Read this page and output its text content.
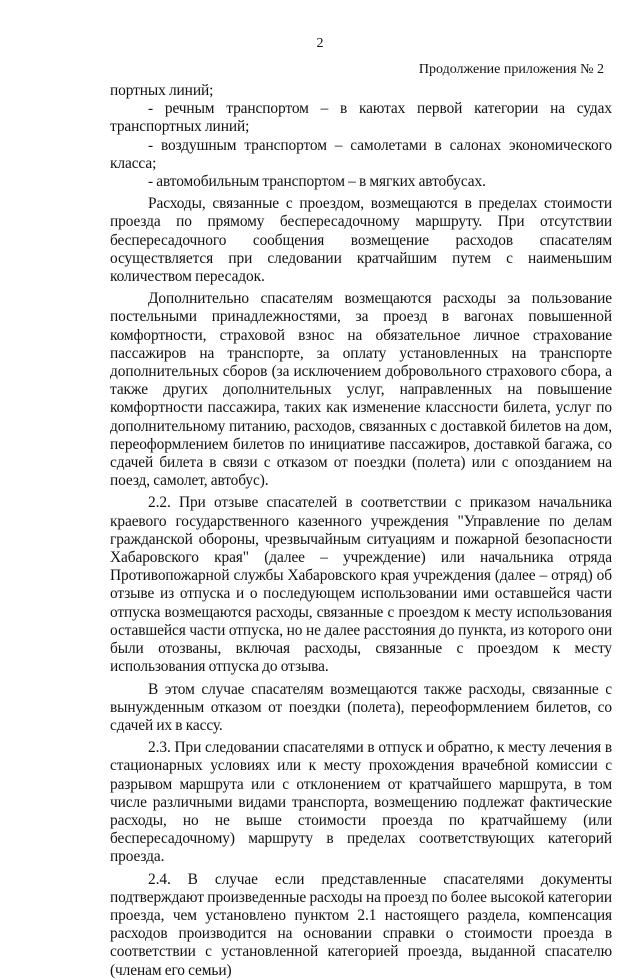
2
Продолжение приложения № 2

портных линий;

- речным транспортом – в каютах первой категории на судах транспортных линий;

- воздушным транспортом – самолетами в салонах экономического класса;

- автомобильным транспортом – в мягких автобусах.

Расходы, связанные с проездом, возмещаются в пределах стоимости проезда по прямому беспересадочному маршруту. При отсутствии беспересадочного сообщения возмещение расходов спасателям осуществляется при следовании кратчайшим путем с наименьшим количеством пересадок.

Дополнительно спасателям возмещаются расходы за пользование постельными принадлежностями, за проезд в вагонах повышенной комфортности, страховой взнос на обязательное личное страхование пассажиров на транспорте, за оплату установленных на транспорте дополнительных сборов (за исключением добровольного страхового сбора, а также других дополнительных услуг, направленных на повышение комфортности пассажира, таких как изменение классности билета, услуг по дополнительному питанию, расходов, связанных с доставкой билетов на дом, переоформлением билетов по инициативе пассажиров, доставкой багажа, со сдачей билета в связи с отказом от поездки (полета) или с опозданием на поезд, самолет, автобус).

2.2. При отзыве спасателей в соответствии с приказом начальника краевого государственного казенного учреждения "Управление по делам гражданской обороны, чрезвычайным ситуациям и пожарной безопасности Хабаровского края" (далее – учреждение) или начальника отряда Противопожарной службы Хабаровского края учреждения (далее – отряд) об отзыве из отпуска и о последующем использовании ими оставшейся части отпуска возмещаются расходы, связанные с проездом к месту использования оставшейся части отпуска, но не далее расстояния до пункта, из которого они были отозваны, включая расходы, связанные с проездом к месту использования отпуска до отзыва.

В этом случае спасателям возмещаются также расходы, связанные с вынужденным отказом от поездки (полета), переоформлением билетов, со сдачей их в кассу.

2.3. При следовании спасателями в отпуск и обратно, к месту лечения в стационарных условиях или к месту прохождения врачебной комиссии с разрывом маршрута или с отклонением от кратчайшего маршрута, в том числе различными видами транспорта, возмещению подлежат фактические расходы, но не выше стоимости проезда по кратчайшему (или беспересадочному) маршруту в пределах соответствующих категорий проезда.

2.4. В случае если представленные спасателями документы подтверждают произведенные расходы на проезд по более высокой категории проезда, чем установлено пунктом 2.1 настоящего раздела, компенсация расходов производится на основании справки о стоимости проезда в соответствии с установленной категорией проезда, выданной спасателю (членам его семьи)
